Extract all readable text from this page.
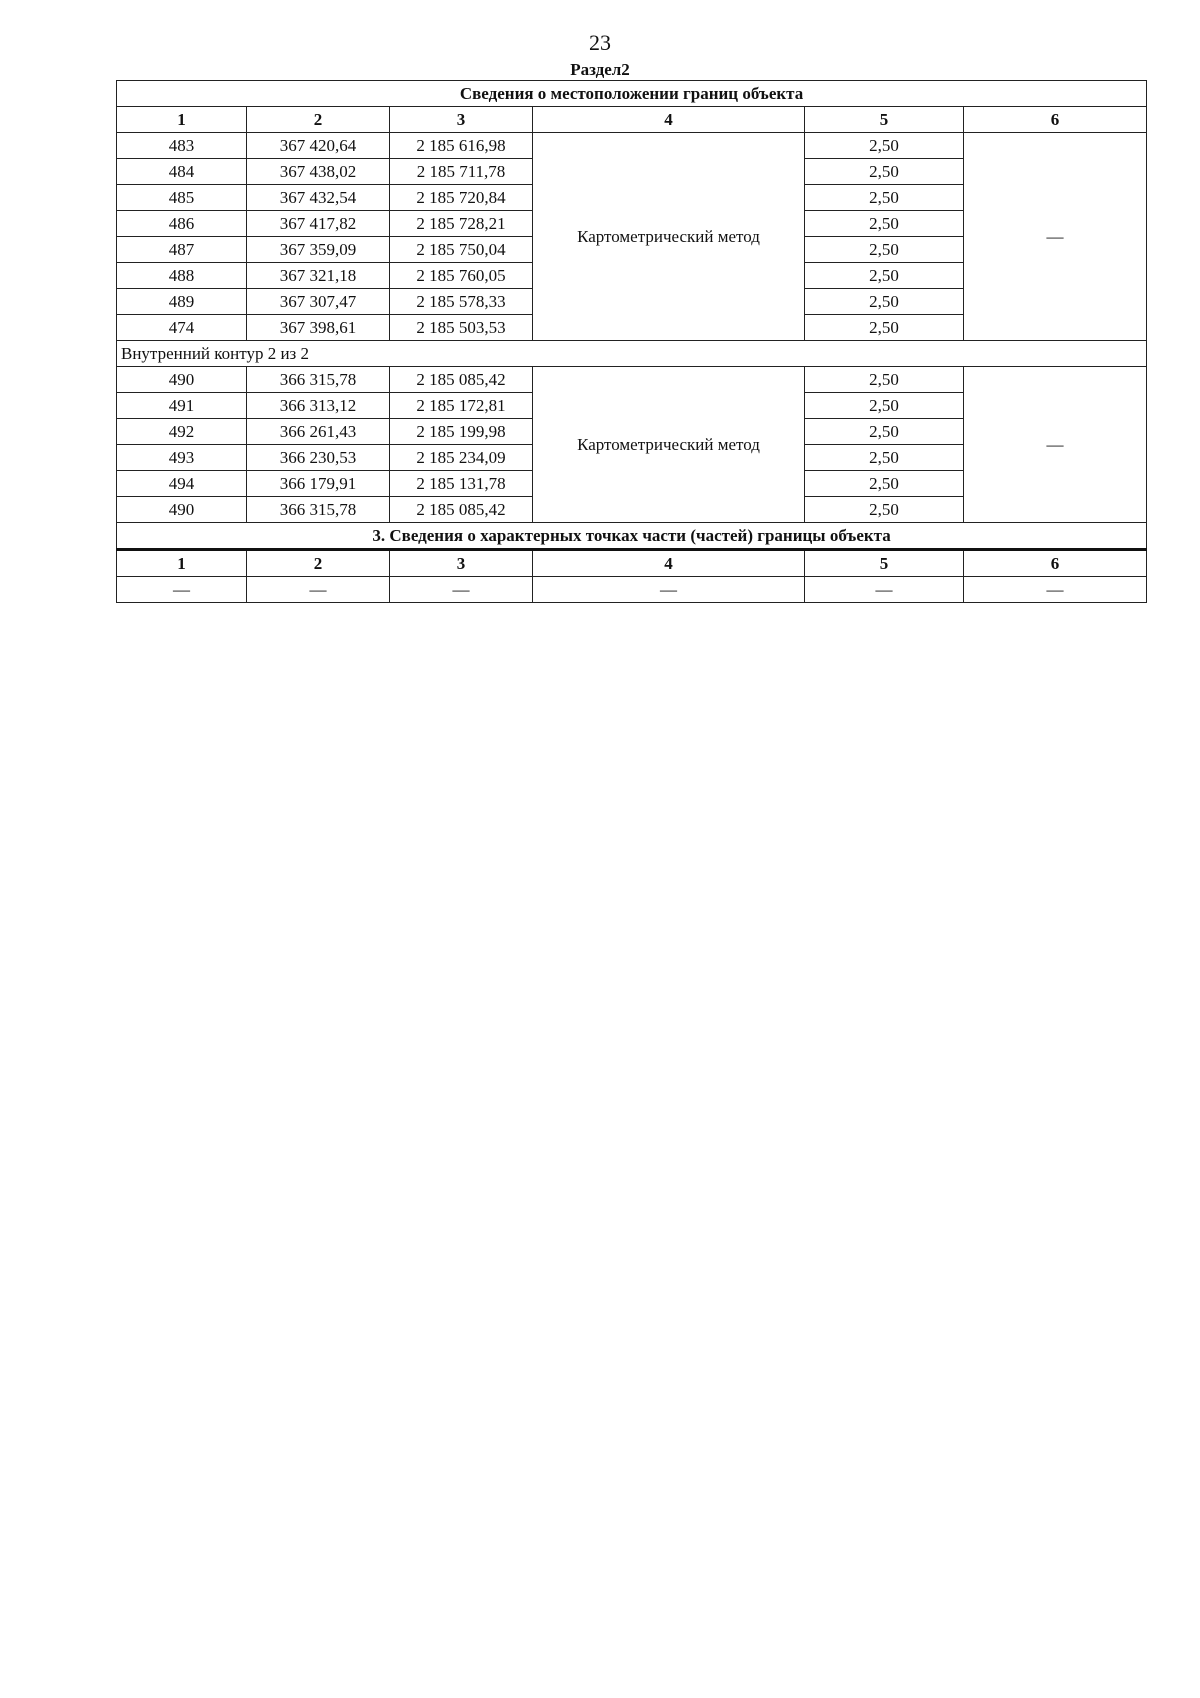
23
Раздел2
Сведения о местоположении границ объекта					
1	2	3	4	5	6
483	367 420,64	2 185 616,98	Картометрический метод	2,50	—
484	367 438,02	2 185 711,78		2,50	
485	367 432,54	2 185 720,84		2,50	
486	367 417,82	2 185 728,21		2,50	
487	367 359,09	2 185 750,04		2,50	
488	367 321,18	2 185 760,05		2,50	
489	367 307,47	2 185 578,33		2,50	
474	367 398,61	2 185 503,53		2,50	
Внутренний контур 2 из 2					
490	366 315,78	2 185 085,42	Картометрический метод	2,50	—
491	366 313,12	2 185 172,81		2,50	
492	366 261,43	2 185 199,98		2,50	
493	366 230,53	2 185 234,09		2,50	
494	366 179,91	2 185 131,78		2,50	
490	366 315,78	2 185 085,42		2,50	
3. Сведения о характерных точках части (частей) границы объекта					
1	2	3	4	5	6
—	—	—	—	—	—
